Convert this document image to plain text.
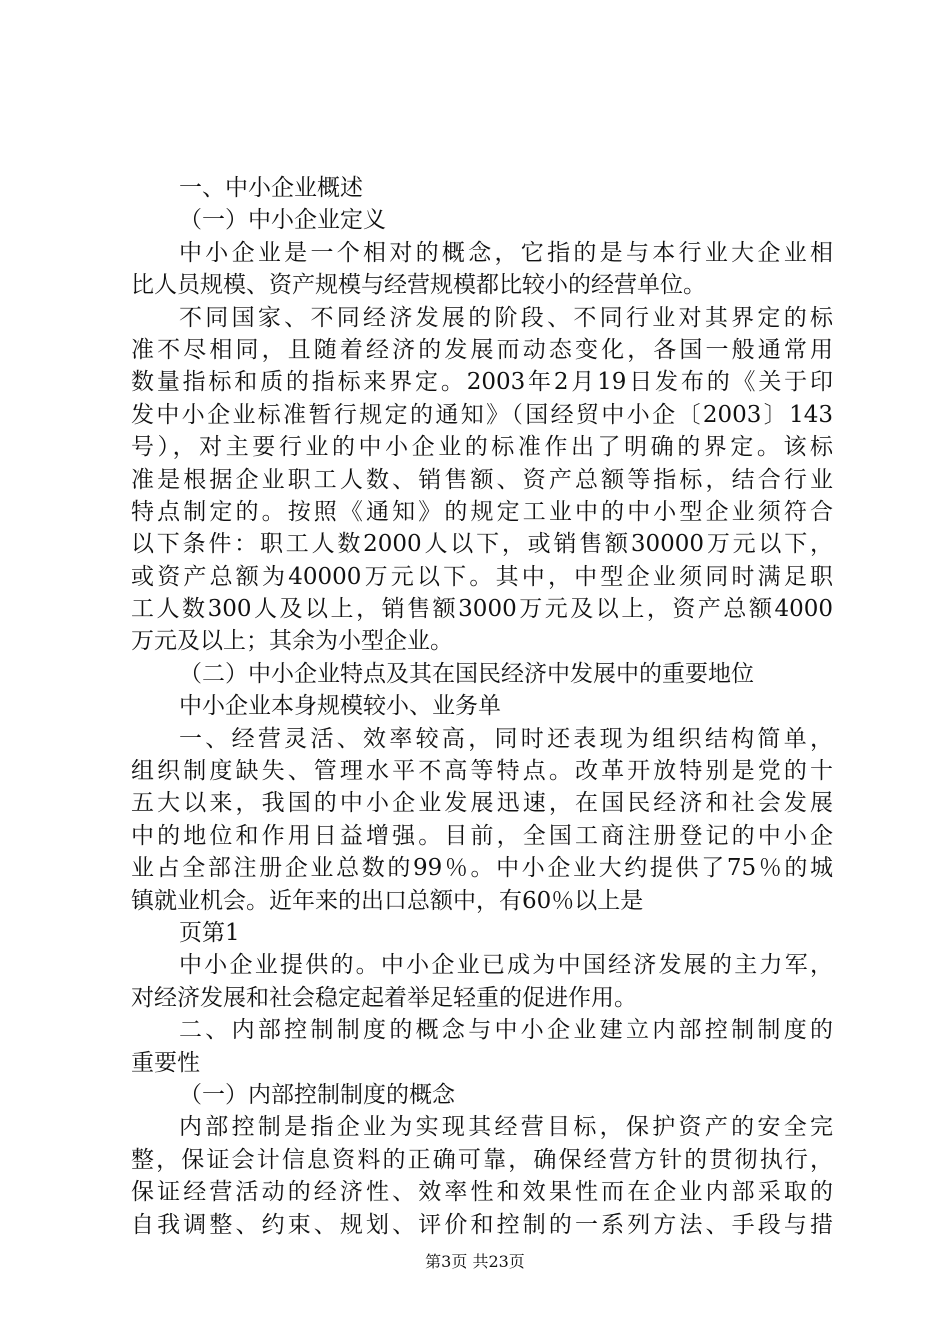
一、中小企业概述
（一）中小企业定义
中小企业是一个相对的概念，它指的是与本行业大企业相
比人员规模、资产规模与经营规模都比较小的经营单位。
不同国家、不同经济发展的阶段、不同行业对其界定的标
准不尽相同，且随着经济的发展而动态变化，各国一般通常用
数量指标和质的指标来界定。2003年2月19日发布的《关于印
发中小企业标准暂行规定的通知》（国经贸中小企〔2003〕143
号），对主要行业的中小企业的标准作出了明确的界定。该标
准是根据企业职工人数、销售额、资产总额等指标，结合行业
特点制定的。按照《通知》的规定工业中的中小型企业须符合
以下条件：职工人数2000人以下，或销售额30000万元以下，
或资产总额为40000万元以下。其中，中型企业须同时满足职
工人数300人及以上，销售额3000万元及以上，资产总额4000
万元及以上；其余为小型企业。
（二）中小企业特点及其在国民经济中发展中的重要地位
中小企业本身规模较小、业务单
一、经营灵活、效率较高，同时还表现为组织结构简单，
组织制度缺失、管理水平不高等特点。改革开放特别是党的十
五大以来，我国的中小企业发展迅速，在国民经济和社会发展
中的地位和作用日益增强。目前，全国工商注册登记的中小企
业占全部注册企业总数的99％。中小企业大约提供了75％的城
镇就业机会。近年来的出口总额中，有60％以上是
页第1
中小企业提供的。中小企业已成为中国经济发展的主力军，
对经济发展和社会稳定起着举足轻重的促进作用。
二、内部控制制度的概念与中小企业建立内部控制制度的
重要性
（一）内部控制制度的概念
内部控制是指企业为实现其经营目标，保护资产的安全完
整，保证会计信息资料的正确可靠，确保经营方针的贯彻执行，
保证经营活动的经济性、效率性和效果性而在企业内部采取的
自我调整、约束、规划、评价和控制的一系列方法、手段与措
第3页 共23页
